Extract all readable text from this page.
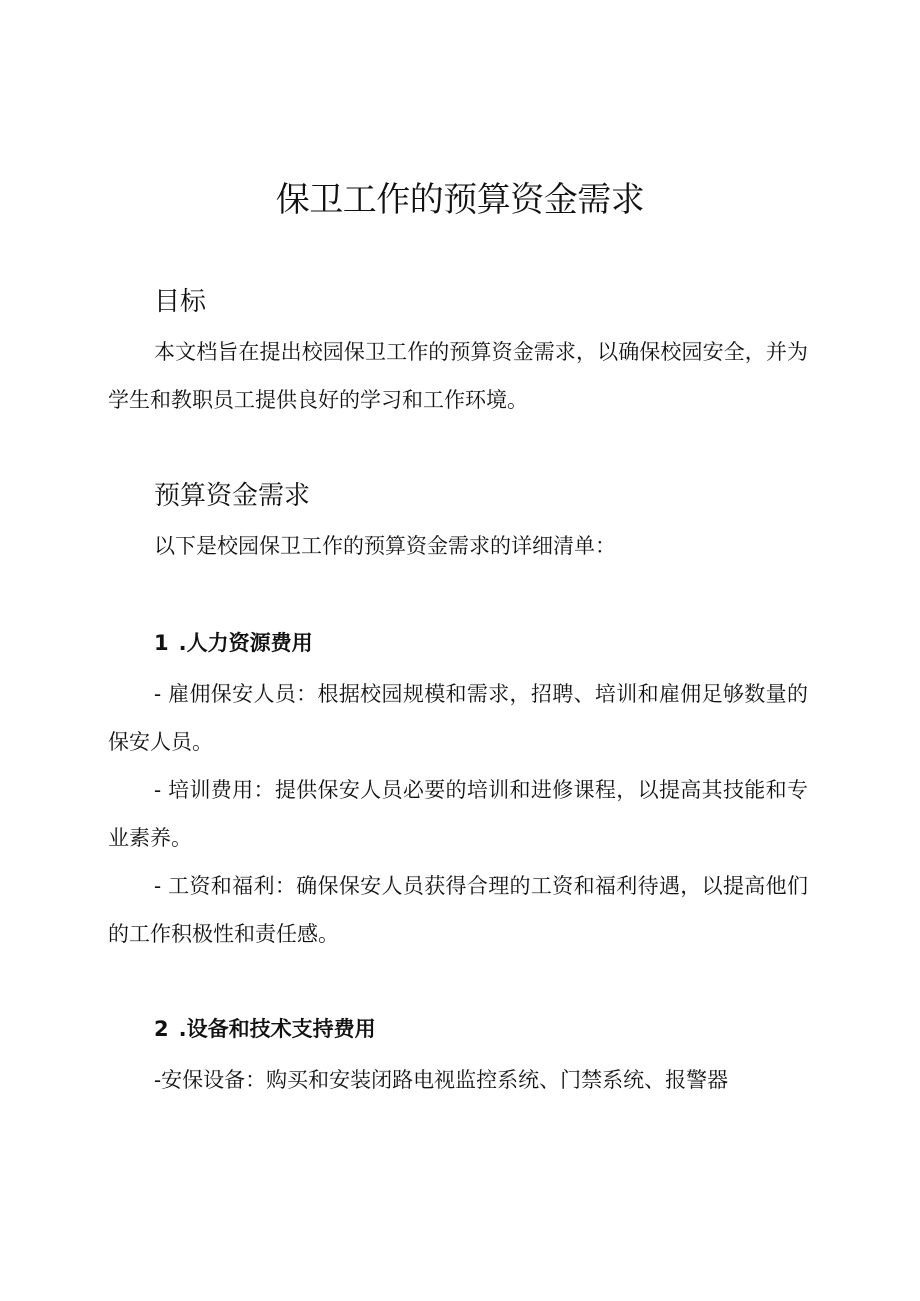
保卫工作的预算资金需求
目标

本文档旨在提出校园保卫工作的预算资金需求，以确保校园安全，并为学生和教职员工提供良好的学习和工作环境。

预算资金需求

以下是校园保卫工作的预算资金需求的详细清单：

1 .人力资源费用

- 雇佣保安人员：根据校园规模和需求，招聘、培训和雇佣足够数量的保安人员。

- 培训费用：提供保安人员必要的培训和进修课程，以提高其技能和专业素养。

- 工资和福利：确保保安人员获得合理的工资和福利待遇，以提高他们的工作积极性和责任感。

2 .设备和技术支持费用

-安保设备：购买和安装闭路电视监控系统、门禁系统、报警器
